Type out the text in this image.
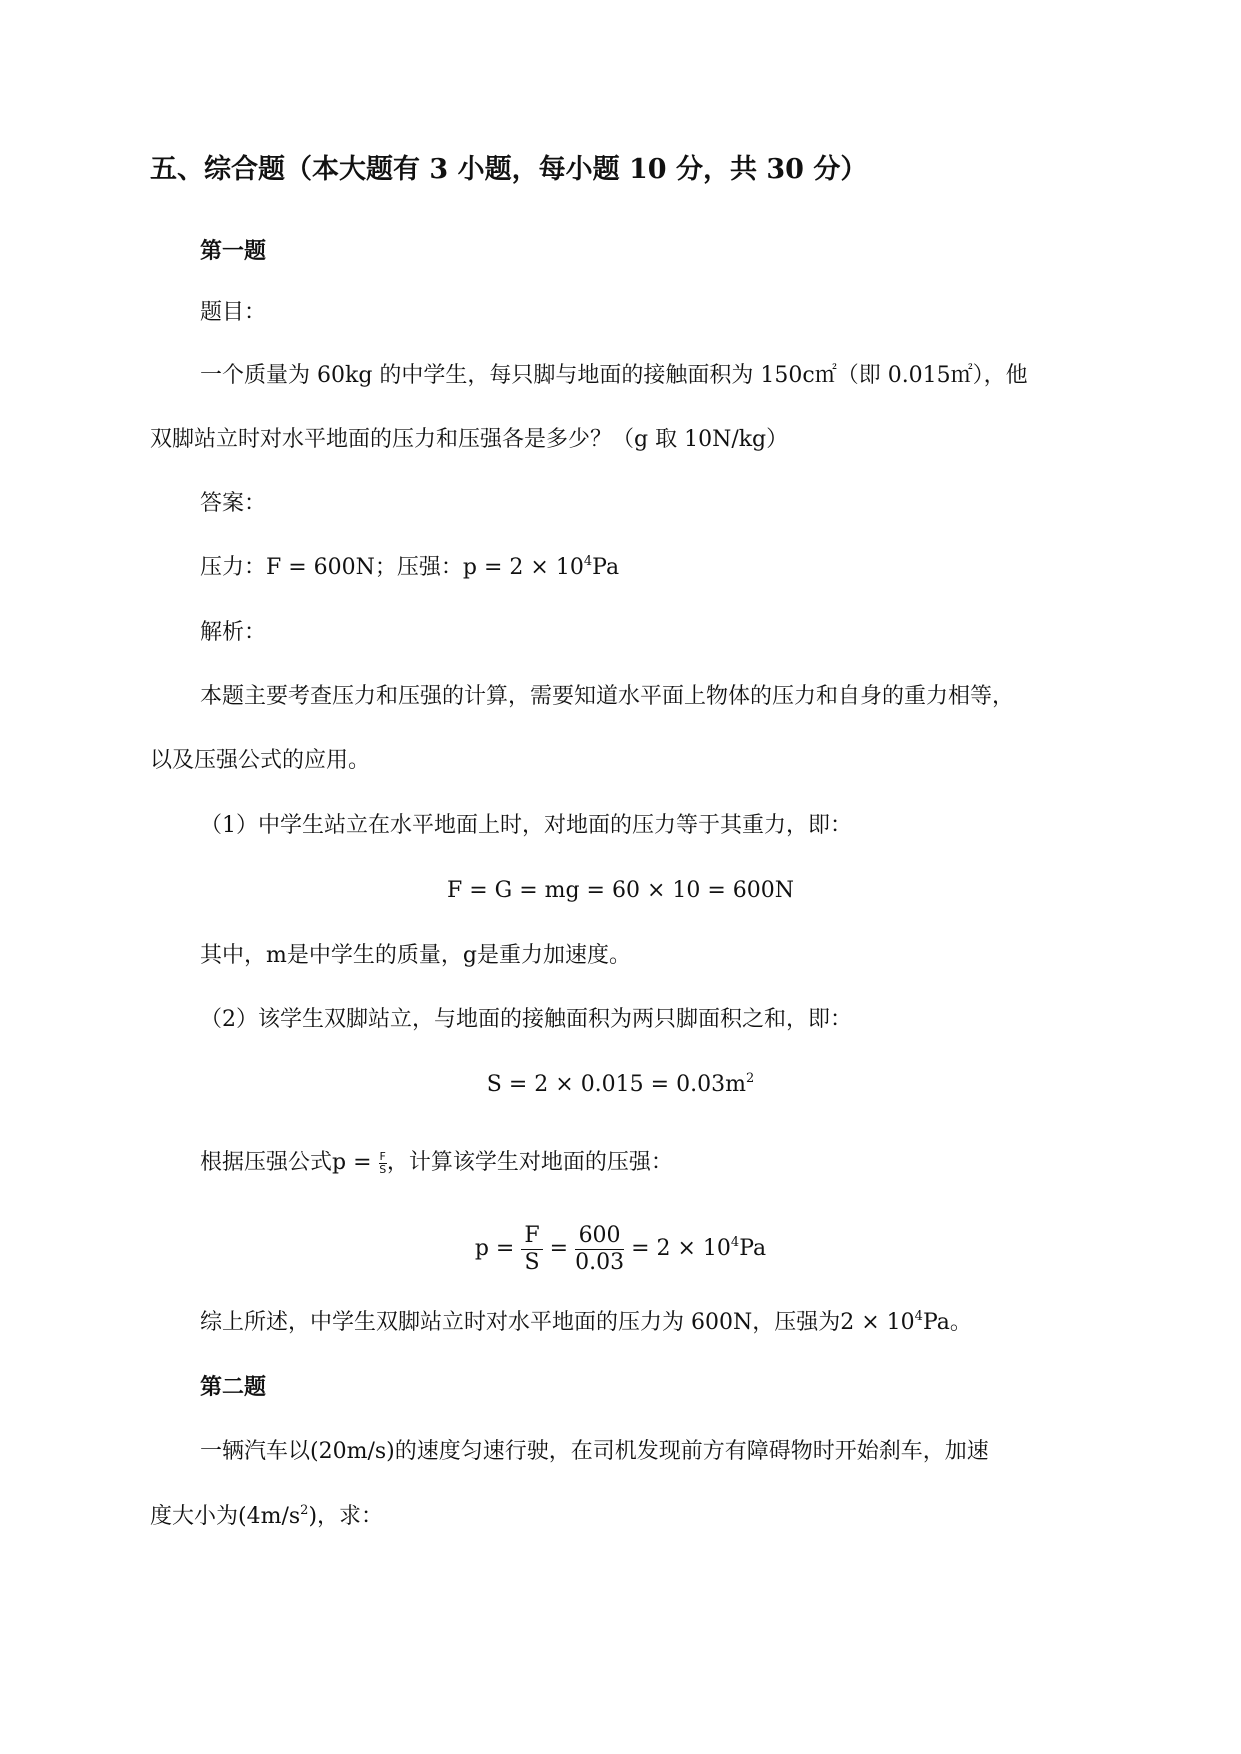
五、综合题（本大题有 3 小题，每小题 10 分，共 30 分）
第一题
题目：
一个质量为 60kg 的中学生，每只脚与地面的接触面积为 150c㎡（即 0.015㎡），他
双脚站立时对水平地面的压力和压强各是多少？（g 取 10N/kg）
答案：
压力：F = 600N；压强：$p = 2 \times 10^4Pa$
解析：
本题主要考查压力和压强的计算，需要知道水平面上物体的压力和自身的重力相等，
以及压强公式的应用。
（1）中学生站立在水平地面上时，对地面的压力等于其重力，即：
F = G = mg = 60 × 10 = 600N
其中，m是中学生的质量，g是重力加速度。
（2）该学生双脚站立，与地面的接触面积为两只脚面积之和，即：
$S = 2 \times 0.015 = 0.03m^2$
根据压强公式$p = \frac{F}{S}$ ，计算该学生对地面的压强：
$p = \frac{F}{S} = \frac{600}{0.03} = 2 \times 10^4Pa$
综上所述，中学生双脚站立时对水平地面的压力为 600N，压强为$2 \times 10^4Pa$。
第二题
一辆汽车以(20m/s)的速度匀速行驶，在司机发现前方有障碍物时开始刹车，加速
度大小为$(4m/s^2)$，求：
